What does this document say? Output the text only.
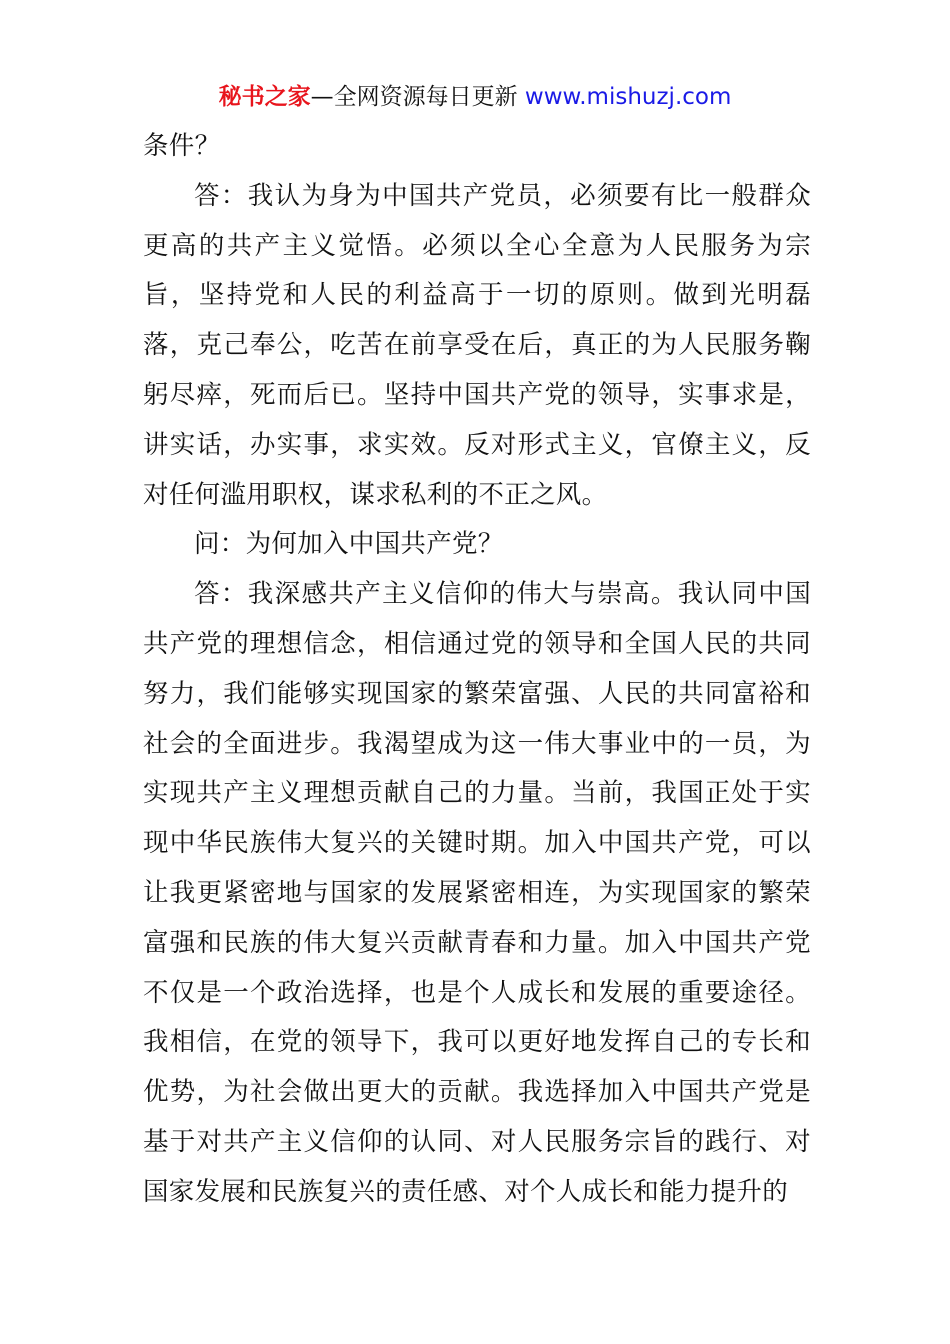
秘书之家—全网资源每日更新 www.mishuzj.com

条件？

答：我认为身为中国共产党员，必须要有比一般群众更高的共产主义觉悟。必须以全心全意为人民服务为宗旨，坚持党和人民的利益高于一切的原则。做到光明磊落，克己奉公，吃苦在前享受在后，真正的为人民服务鞠躬尽瘁，死而后已。坚持中国共产党的领导，实事求是，讲实话，办实事，求实效。反对形式主义，官僚主义，反对任何滥用职权，谋求私利的不正之风。

问：为何加入中国共产党？

答：我深感共产主义信仰的伟大与崇高。我认同中国共产党的理想信念，相信通过党的领导和全国人民的共同努力，我们能够实现国家的繁荣富强、人民的共同富裕和社会的全面进步。我渴望成为这一伟大事业中的一员，为实现共产主义理想贡献自己的力量。当前，我国正处于实现中华民族伟大复兴的关键时期。加入中国共产党，可以让我更紧密地与国家的发展紧密相连，为实现国家的繁荣富强和民族的伟大复兴贡献青春和力量。加入中国共产党不仅是一个政治选择，也是个人成长和发展的重要途径。我相信，在党的领导下，我可以更好地发挥自己的专长和优势，为社会做出更大的贡献。我选择加入中国共产党是基于对共产主义信仰的认同、对人民服务宗旨的践行、对国家发展和民族复兴的责任感、对个人成长和能力提升的
